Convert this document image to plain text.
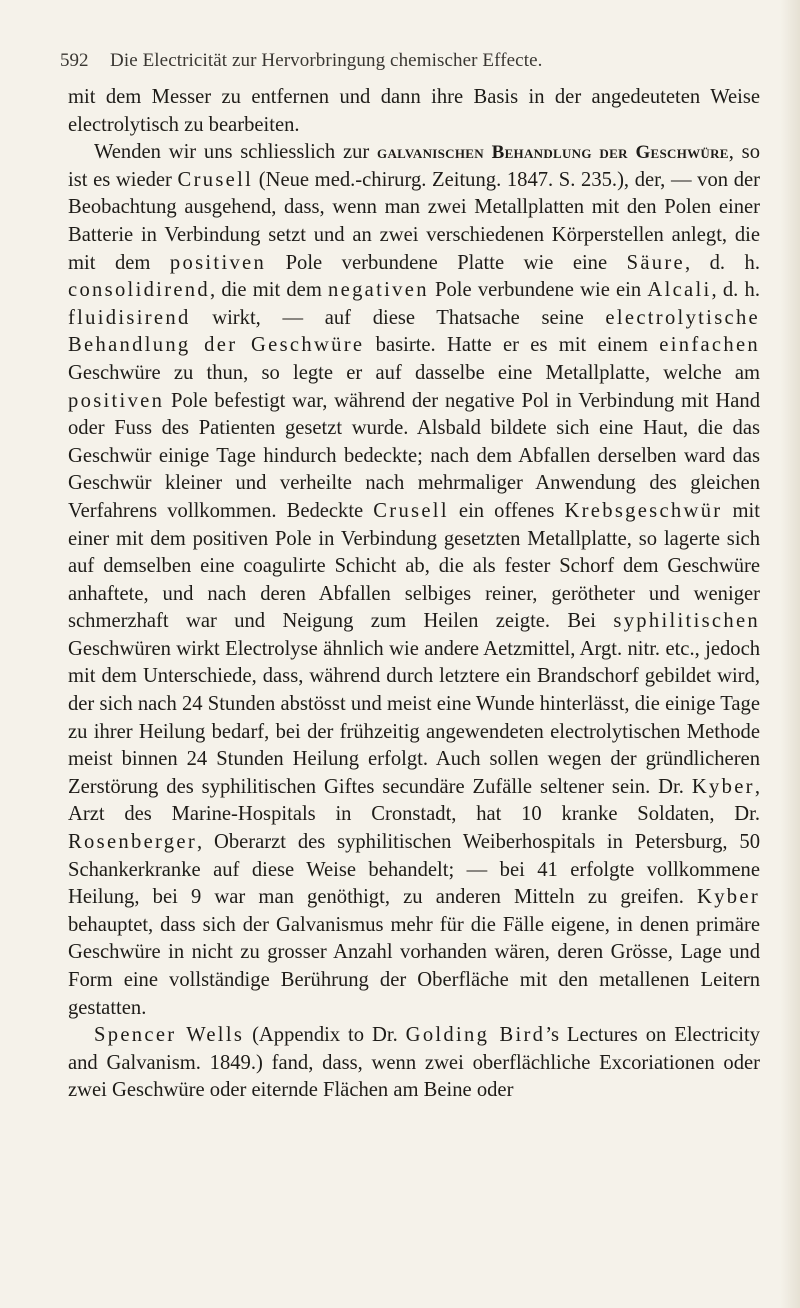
592	Die Electricität zur Hervorbringung chemischer Effecte.

mit dem Messer zu entfernen und dann ihre Basis in der angedeuteten Weise electrolytisch zu bearbeiten.

Wenden wir uns schliesslich zur galvanischen Behandlung der Geschwüre, so ist es wieder Crusell (Neue med.-chirurg. Zeitung. 1847. S. 235.), der, — von der Beobachtung ausgehend, dass, wenn man zwei Metallplatten mit den Polen einer Batterie in Verbindung setzt und an zwei verschiedenen Körperstellen anlegt, die mit dem positiven Pole verbundene Platte wie eine Säure, d. h. consolidirend, die mit dem negativen Pole verbundene wie ein Alcali, d. h. fluidisirend wirkt, — auf diese Thatsache seine electrolytische Behandlung der Geschwüre basirte. Hatte er es mit einem einfachen Geschwüre zu thun, so legte er auf dasselbe eine Metallplatte, welche am positiven Pole befestigt war, während der negative Pol in Verbindung mit Hand oder Fuss des Patienten gesetzt wurde. Alsbald bildete sich eine Haut, die das Geschwür einige Tage hindurch bedeckte; nach dem Abfallen derselben ward das Geschwür kleiner und verheilte nach mehrmaliger Anwendung des gleichen Verfahrens vollkommen. Bedeckte Crusell ein offenes Krebsgeschwür mit einer mit dem positiven Pole in Verbindung gesetzten Metallplatte, so lagerte sich auf demselben eine coagulirte Schicht ab, die als fester Schorf dem Geschwüre anhaftete, und nach deren Abfallen selbiges reiner, gerötheter und weniger schmerzhaft war und Neigung zum Heilen zeigte. Bei syphilitischen Geschwüren wirkt Electrolyse ähnlich wie andere Aetzmittel, Argt. nitr. etc., jedoch mit dem Unterschiede, dass, während durch letztere ein Brandschorf gebildet wird, der sich nach 24 Stunden abstösst und meist eine Wunde hinterlässt, die einige Tage zu ihrer Heilung bedarf, bei der frühzeitig angewendeten electrolytischen Methode meist binnen 24 Stunden Heilung erfolgt. Auch sollen wegen der gründlicheren Zerstörung des syphilitischen Giftes secundäre Zufälle seltener sein. Dr. Kyber, Arzt des Marine-Hospitals in Cronstadt, hat 10 kranke Soldaten, Dr. Rosenberger, Oberarzt des syphilitischen Weiberhospitals in Petersburg, 50 Schankerkranke auf diese Weise behandelt; — bei 41 erfolgte vollkommene Heilung, bei 9 war man genöthigt, zu anderen Mitteln zu greifen. Kyber behauptet, dass sich der Galvanismus mehr für die Fälle eigene, in denen primäre Geschwüre in nicht zu grosser Anzahl vorhanden wären, deren Grösse, Lage und Form eine vollständige Berührung der Oberfläche mit den metallenen Leitern gestatten.

Spencer Wells (Appendix to Dr. Golding Bird’s Lectures on Electricity and Galvanism. 1849.) fand, dass, wenn zwei oberflächliche Excoriationen oder zwei Geschwüre oder eiternde Flächen am Beine oder
